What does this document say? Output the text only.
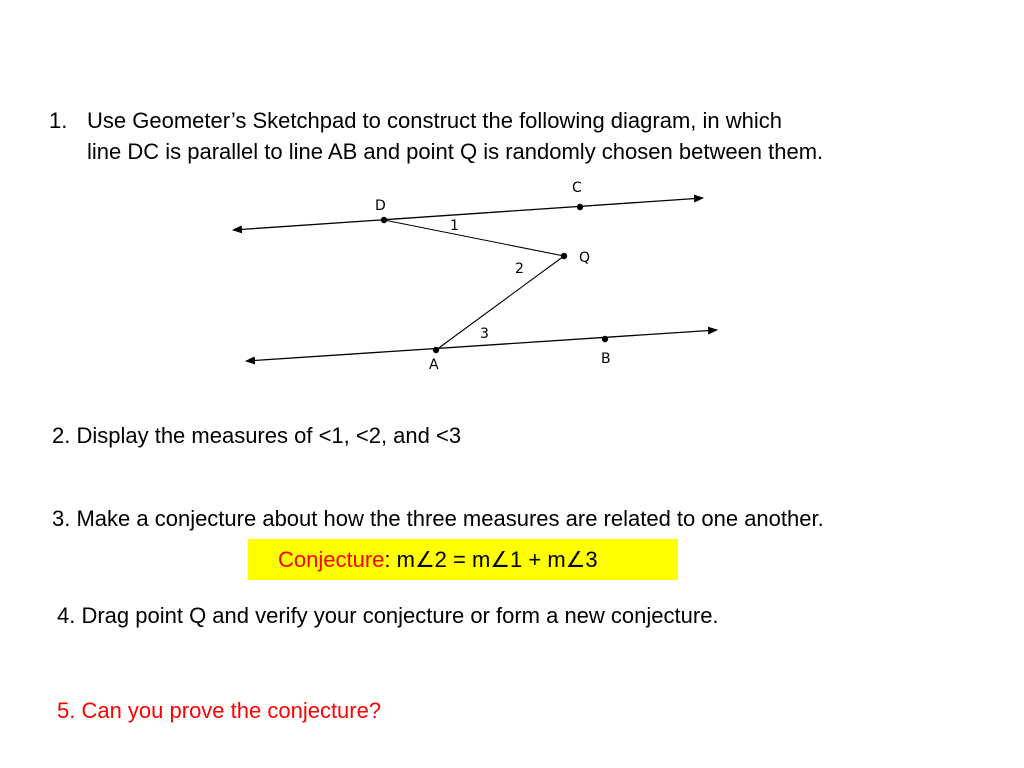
1. Use Geometer’s Sketchpad to construct the following diagram, in which
line DC is parallel to line AB and point Q is randomly chosen between them.
D
C
Q
A	B
1
2
3
2. Display the measures of <1, <2, and <3
3. Make a conjecture about how the three measures are related to one another.
Conjecture: m∠2 = m∠1 + m∠3
4. Drag point Q and verify your conjecture or form a new conjecture.
5. Can you prove the conjecture?
